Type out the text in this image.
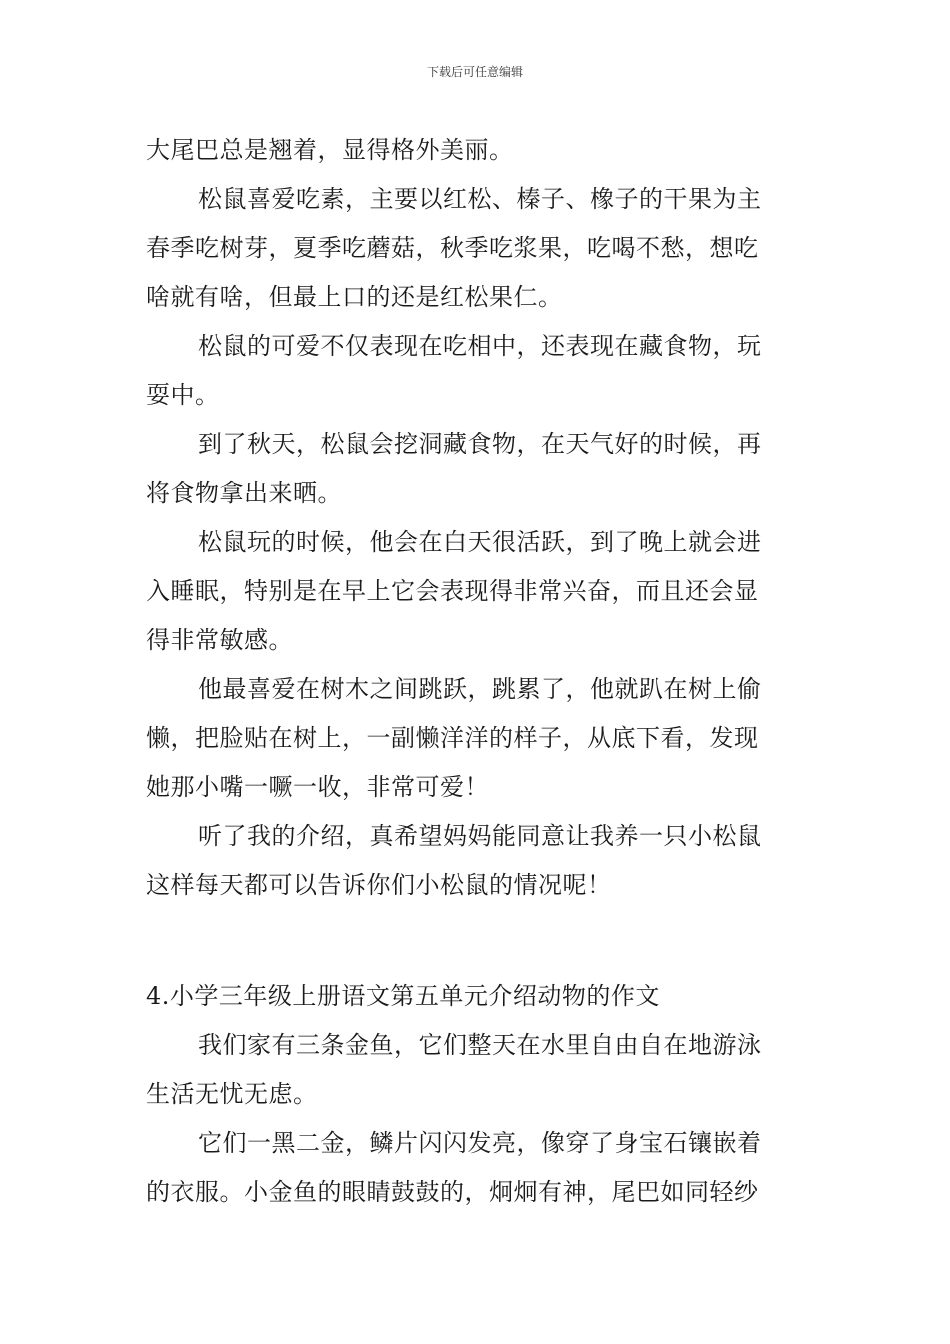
下载后可任意编辑
大尾巴总是翘着，显得格外美丽。
松鼠喜爱吃素，主要以红松、榛子、橡子的干果为主
春季吃树芽，夏季吃蘑菇，秋季吃浆果，吃喝不愁，想吃
啥就有啥，但最上口的还是红松果仁。
松鼠的可爱不仅表现在吃相中，还表现在藏食物，玩
耍中。
到了秋天，松鼠会挖洞藏食物，在天气好的时候，再
将食物拿出来晒。
松鼠玩的时候，他会在白天很活跃，到了晚上就会进
入睡眠，特别是在早上它会表现得非常兴奋，而且还会显
得非常敏感。
他最喜爱在树木之间跳跃，跳累了，他就趴在树上偷
懒，把脸贴在树上，一副懒洋洋的样子，从底下看，发现
她那小嘴一噘一收，非常可爱！
听了我的介绍，真希望妈妈能同意让我养一只小松鼠
这样每天都可以告诉你们小松鼠的情况呢！
4.小学三年级上册语文第五单元介绍动物的作文
我们家有三条金鱼，它们整天在水里自由自在地游泳
生活无忧无虑。
它们一黑二金，鳞片闪闪发亮，像穿了身宝石镶嵌着
的衣服。小金鱼的眼睛鼓鼓的，炯炯有神，尾巴如同轻纱
